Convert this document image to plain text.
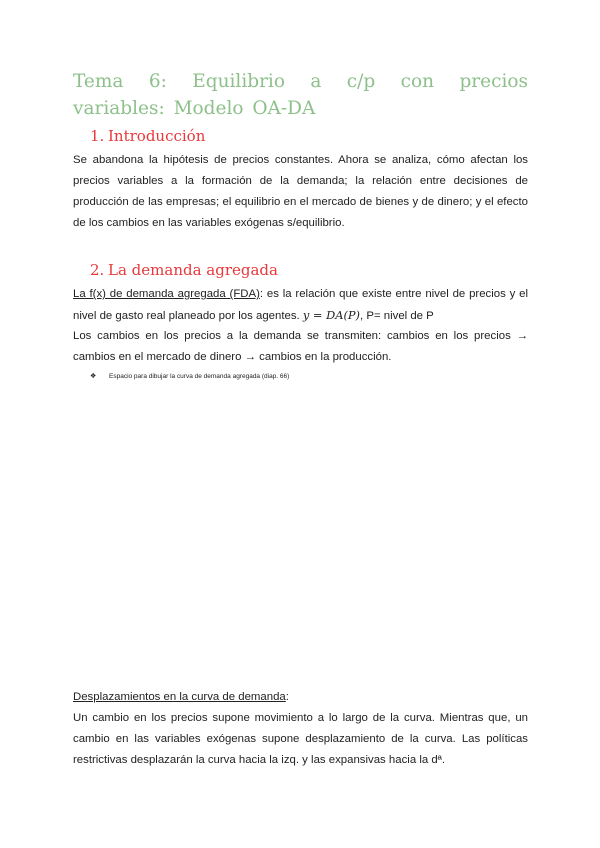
Tema 6: Equilibrio a c/p con precios variables: Modelo OA-DA
1. Introducción

Se abandona la hipótesis de precios constantes. Ahora se analiza, cómo afectan los precios variables a la formación de la demanda; la relación entre decisiones de producción de las empresas; el equilibrio en el mercado de bienes y de dinero; y el efecto de los cambios en las variables exógenas s/equilibrio.

2. La demanda agregada

La f(x) de demanda agregada (FDA): es la relación que existe entre nivel de precios y el nivel de gasto real planeado por los agentes. y = DA(P), P= nivel de P

Los cambios en los precios a la demanda se transmiten: cambios en los precios → cambios en el mercado de dinero → cambios en la producción.

❖ Espacio para dibujar la curva de demanda agregada (diap. 66)

Desplazamientos en la curva de demanda:

Un cambio en los precios supone movimiento a lo largo de la curva. Mientras que, un cambio en las variables exógenas supone desplazamiento de la curva. Las políticas restrictivas desplazarán la curva hacia la izq. y las expansivas hacia la dª.
